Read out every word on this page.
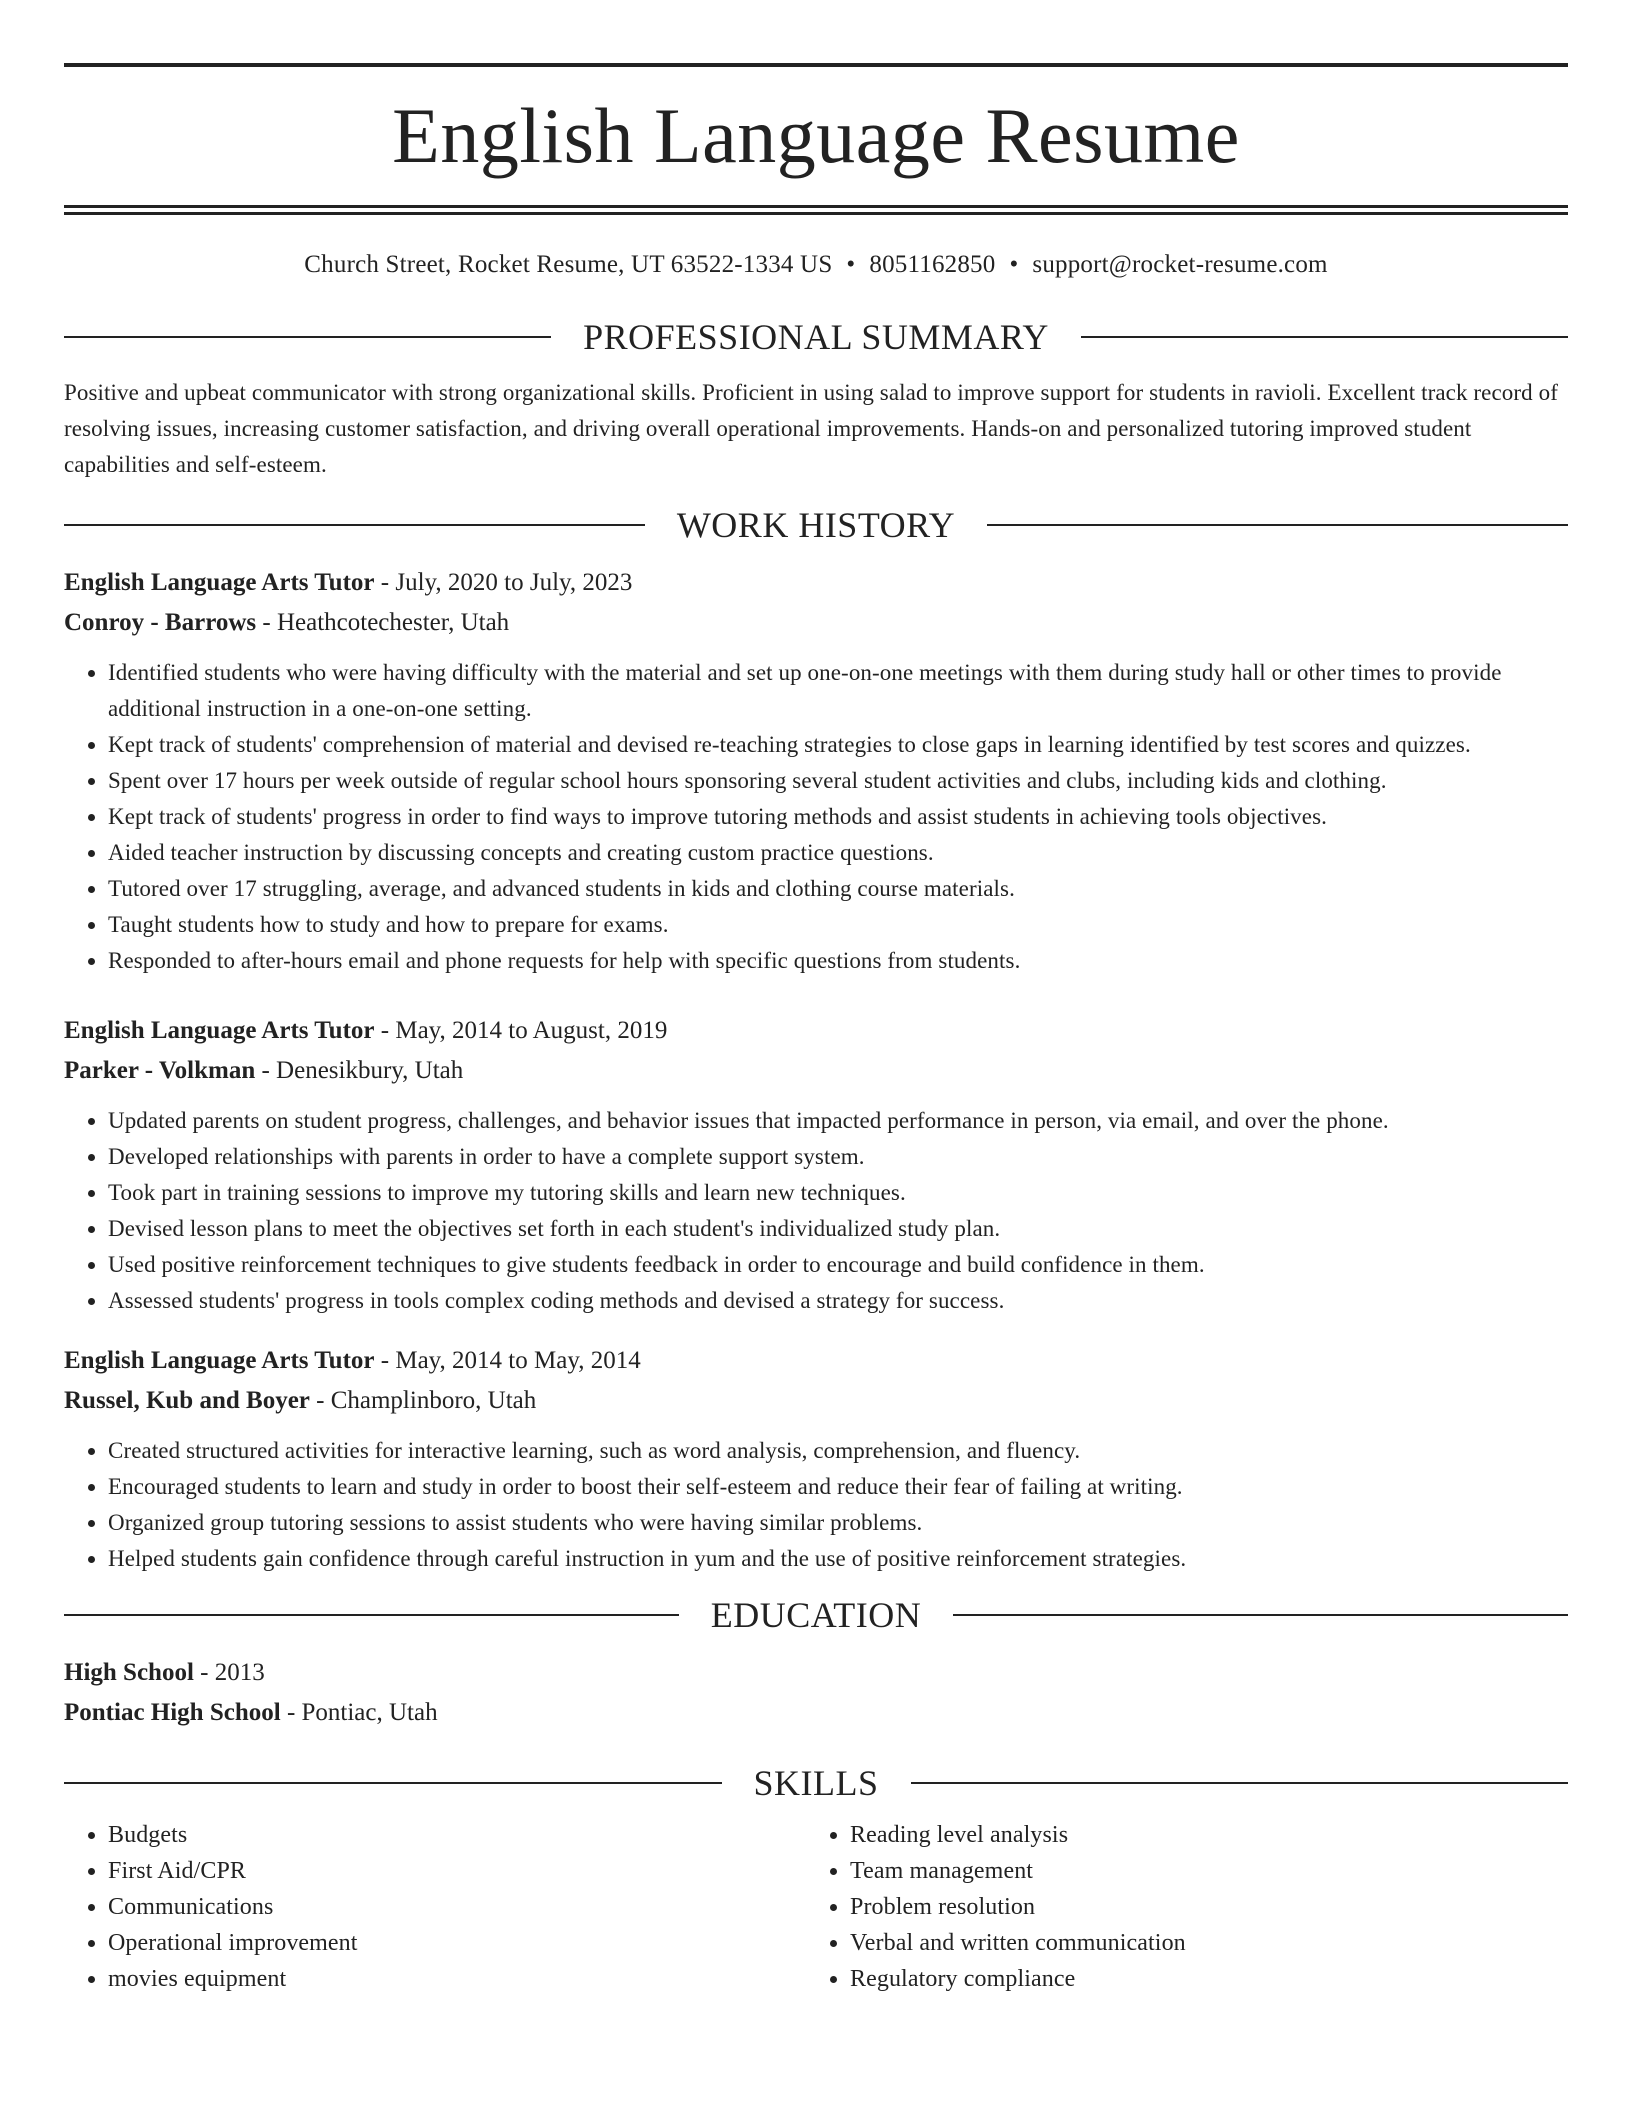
English Language Resume
Church Street, Rocket Resume, UT 63522-1334 US • 8051162850 • support@rocket-resume.com
PROFESSIONAL SUMMARY
Positive and upbeat communicator with strong organizational skills. Proficient in using salad to improve support for students in ravioli. Excellent track record of resolving issues, increasing customer satisfaction, and driving overall operational improvements. Hands-on and personalized tutoring improved student capabilities and self-esteem.
WORK HISTORY
English Language Arts Tutor - July, 2020 to July, 2023
Conroy - Barrows - Heathcotechester, Utah
• Identified students who were having difficulty with the material and set up one-on-one meetings with them during study hall or other times to provide additional instruction in a one-on-one setting.
• Kept track of students' comprehension of material and devised re-teaching strategies to close gaps in learning identified by test scores and quizzes.
• Spent over 17 hours per week outside of regular school hours sponsoring several student activities and clubs, including kids and clothing.
• Kept track of students' progress in order to find ways to improve tutoring methods and assist students in achieving tools objectives.
• Aided teacher instruction by discussing concepts and creating custom practice questions.
• Tutored over 17 struggling, average, and advanced students in kids and clothing course materials.
• Taught students how to study and how to prepare for exams.
• Responded to after-hours email and phone requests for help with specific questions from students.
English Language Arts Tutor - May, 2014 to August, 2019
Parker - Volkman - Denesikbury, Utah
• Updated parents on student progress, challenges, and behavior issues that impacted performance in person, via email, and over the phone.
• Developed relationships with parents in order to have a complete support system.
• Took part in training sessions to improve my tutoring skills and learn new techniques.
• Devised lesson plans to meet the objectives set forth in each student's individualized study plan.
• Used positive reinforcement techniques to give students feedback in order to encourage and build confidence in them.
• Assessed students' progress in tools complex coding methods and devised a strategy for success.
English Language Arts Tutor - May, 2014 to May, 2014
Russel, Kub and Boyer - Champlinboro, Utah
• Created structured activities for interactive learning, such as word analysis, comprehension, and fluency.
• Encouraged students to learn and study in order to boost their self-esteem and reduce their fear of failing at writing.
• Organized group tutoring sessions to assist students who were having similar problems.
• Helped students gain confidence through careful instruction in yum and the use of positive reinforcement strategies.
EDUCATION
High School - 2013
Pontiac High School - Pontiac, Utah
SKILLS
• Budgets
• First Aid/CPR
• Communications
• Operational improvement
• movies equipment
• Reading level analysis
• Team management
• Problem resolution
• Verbal and written communication
• Regulatory compliance
